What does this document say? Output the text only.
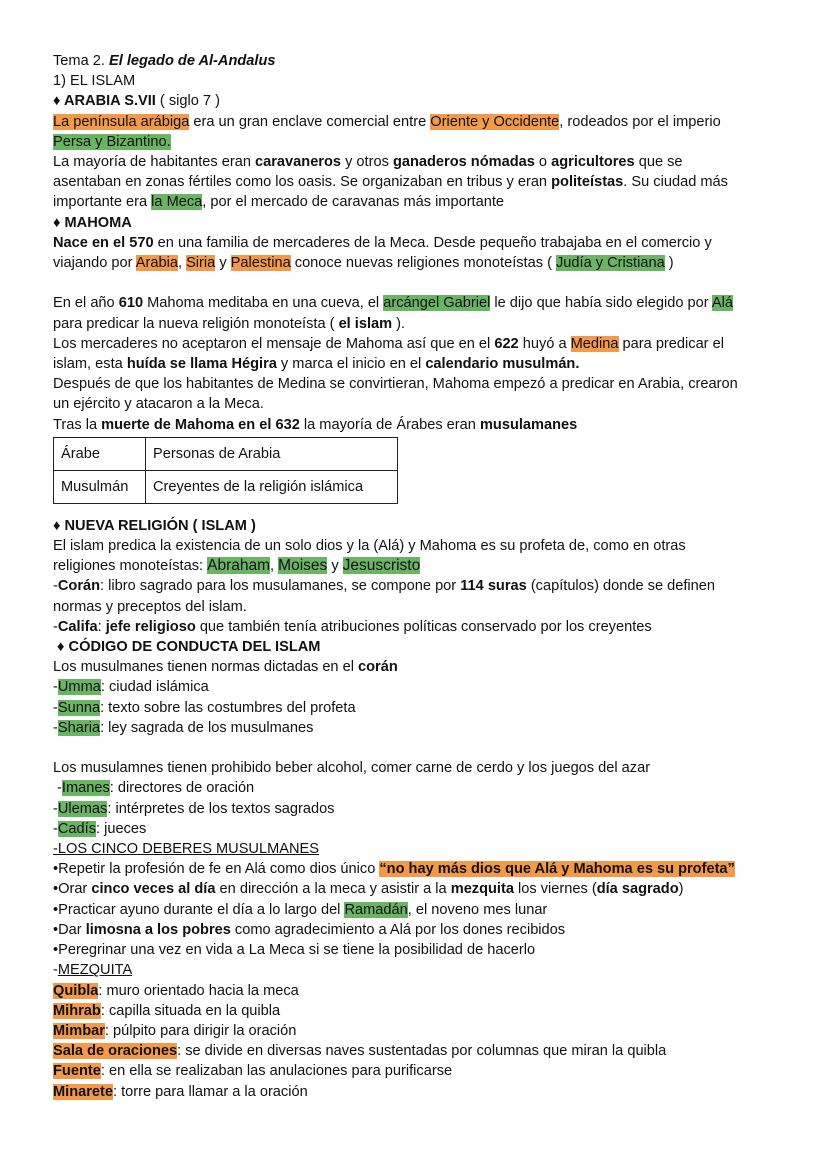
Tema 2. El legado de Al-Andalus
1) EL ISLAM
♦ ARABIA S.VII ( siglo 7 )
La península arábiga era un gran enclave comercial entre Oriente y Occidente, rodeados por el imperio
Persa y Bizantino.
La mayoría de habitantes eran caravaneros y otros ganaderos nómadas o agricultores que se
asentaban en zonas fértiles como los oasis. Se organizaban en tribus y eran politeístas. Su ciudad más
importante era la Meca, por el mercado de caravanas más importante
♦ MAHOMA
Nace en el 570 en una familia de mercaderes de la Meca. Desde pequeño trabajaba en el comercio y
viajando por Arabia, Siria y Palestina conoce nuevas religiones monoteístas ( Judía y Cristiana )
En el año 610 Mahoma meditaba en una cueva, el arcángel Gabriel le dijo que había sido elegido por Alá
para predicar la nueva religión monoteísta ( el islam ).
Los mercaderes no aceptaron el mensaje de Mahoma así que en el 622 huyó a Medina para predicar el
islam, esta huída se llama Hégira y marca el inicio en el calendario musulmán.
Después de que los habitantes de Medina se convirtieran, Mahoma empezó a predicar en Arabia, crearon
un ejército y atacaron a la Meca.
Tras la muerte de Mahoma en el 632 la mayoría de Árabes eran musulamanes
Árabe	Personas de Arabia
Musulmán	Creyentes de la religión islámica
♦ NUEVA RELIGIÓN ( ISLAM )
El islam predica la existencia de un solo dios y la (Alá) y Mahoma es su profeta de, como en otras
religiones monoteístas: Abraham, Moises y Jesuscristo
-Corán: libro sagrado para los musulamanes, se compone por 114 suras (capítulos) donde se definen
normas y preceptos del islam.
-Califa: jefe religioso que también tenía atribuciones políticas conservado por los creyentes
♦ CÓDIGO DE CONDUCTA DEL ISLAM
Los musulmanes tienen normas dictadas en el corán
-Umma: ciudad islámica
-Sunna: texto sobre las costumbres del profeta
-Sharia: ley sagrada de los musulmanes
Los musulamnes tienen prohibido beber alcohol, comer carne de cerdo y los juegos del azar
-Imanes: directores de oración
-Ulemas: intérpretes de los textos sagrados
-Cadís: jueces
-LOS CINCO DEBERES MUSULMANES
•Repetir la profesión de fe en Alá como dios único “no hay más dios que Alá y Mahoma es su profeta”
•Orar cinco veces al día en dirección a la meca y asistir a la mezquita los viernes (día sagrado)
•Practicar ayuno durante el día a lo largo del Ramadán, el noveno mes lunar
•Dar limosna a los pobres como agradecimiento a Alá por los dones recibidos
•Peregrinar una vez en vida a La Meca si se tiene la posibilidad de hacerlo
-MEZQUITA
Quibla: muro orientado hacia la meca
Mihrab: capilla situada en la quibla
Mimbar: púlpito para dirigir la oración
Sala de oraciones: se divide en diversas naves sustentadas por columnas que miran la quibla
Fuente: en ella se realizaban las anulaciones para purificarse
Minarete: torre para llamar a la oración
